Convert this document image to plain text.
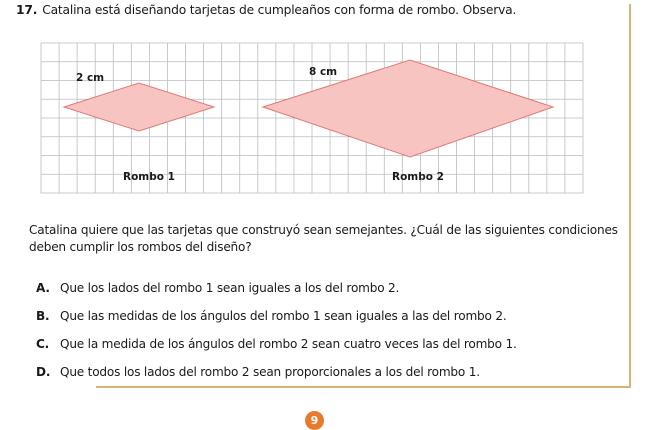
17. Catalina está diseñando tarjetas de cumpleaños con forma de rombo. Observa.
2 cm	8 cm
Rombo 1	Rombo 2
Catalina quiere que las tarjetas que construyó sean semejantes. ¿Cuál de las siguientes condiciones deben cumplir los rombos del diseño?
A. Que los lados del rombo 1 sean iguales a los del rombo 2.
B. Que las medidas de los ángulos del rombo 1 sean iguales a las del rombo 2.
C. Que la medida de los ángulos del rombo 2 sean cuatro veces las del rombo 1.
D. Que todos los lados del rombo 2 sean proporcionales a los del rombo 1.
9
